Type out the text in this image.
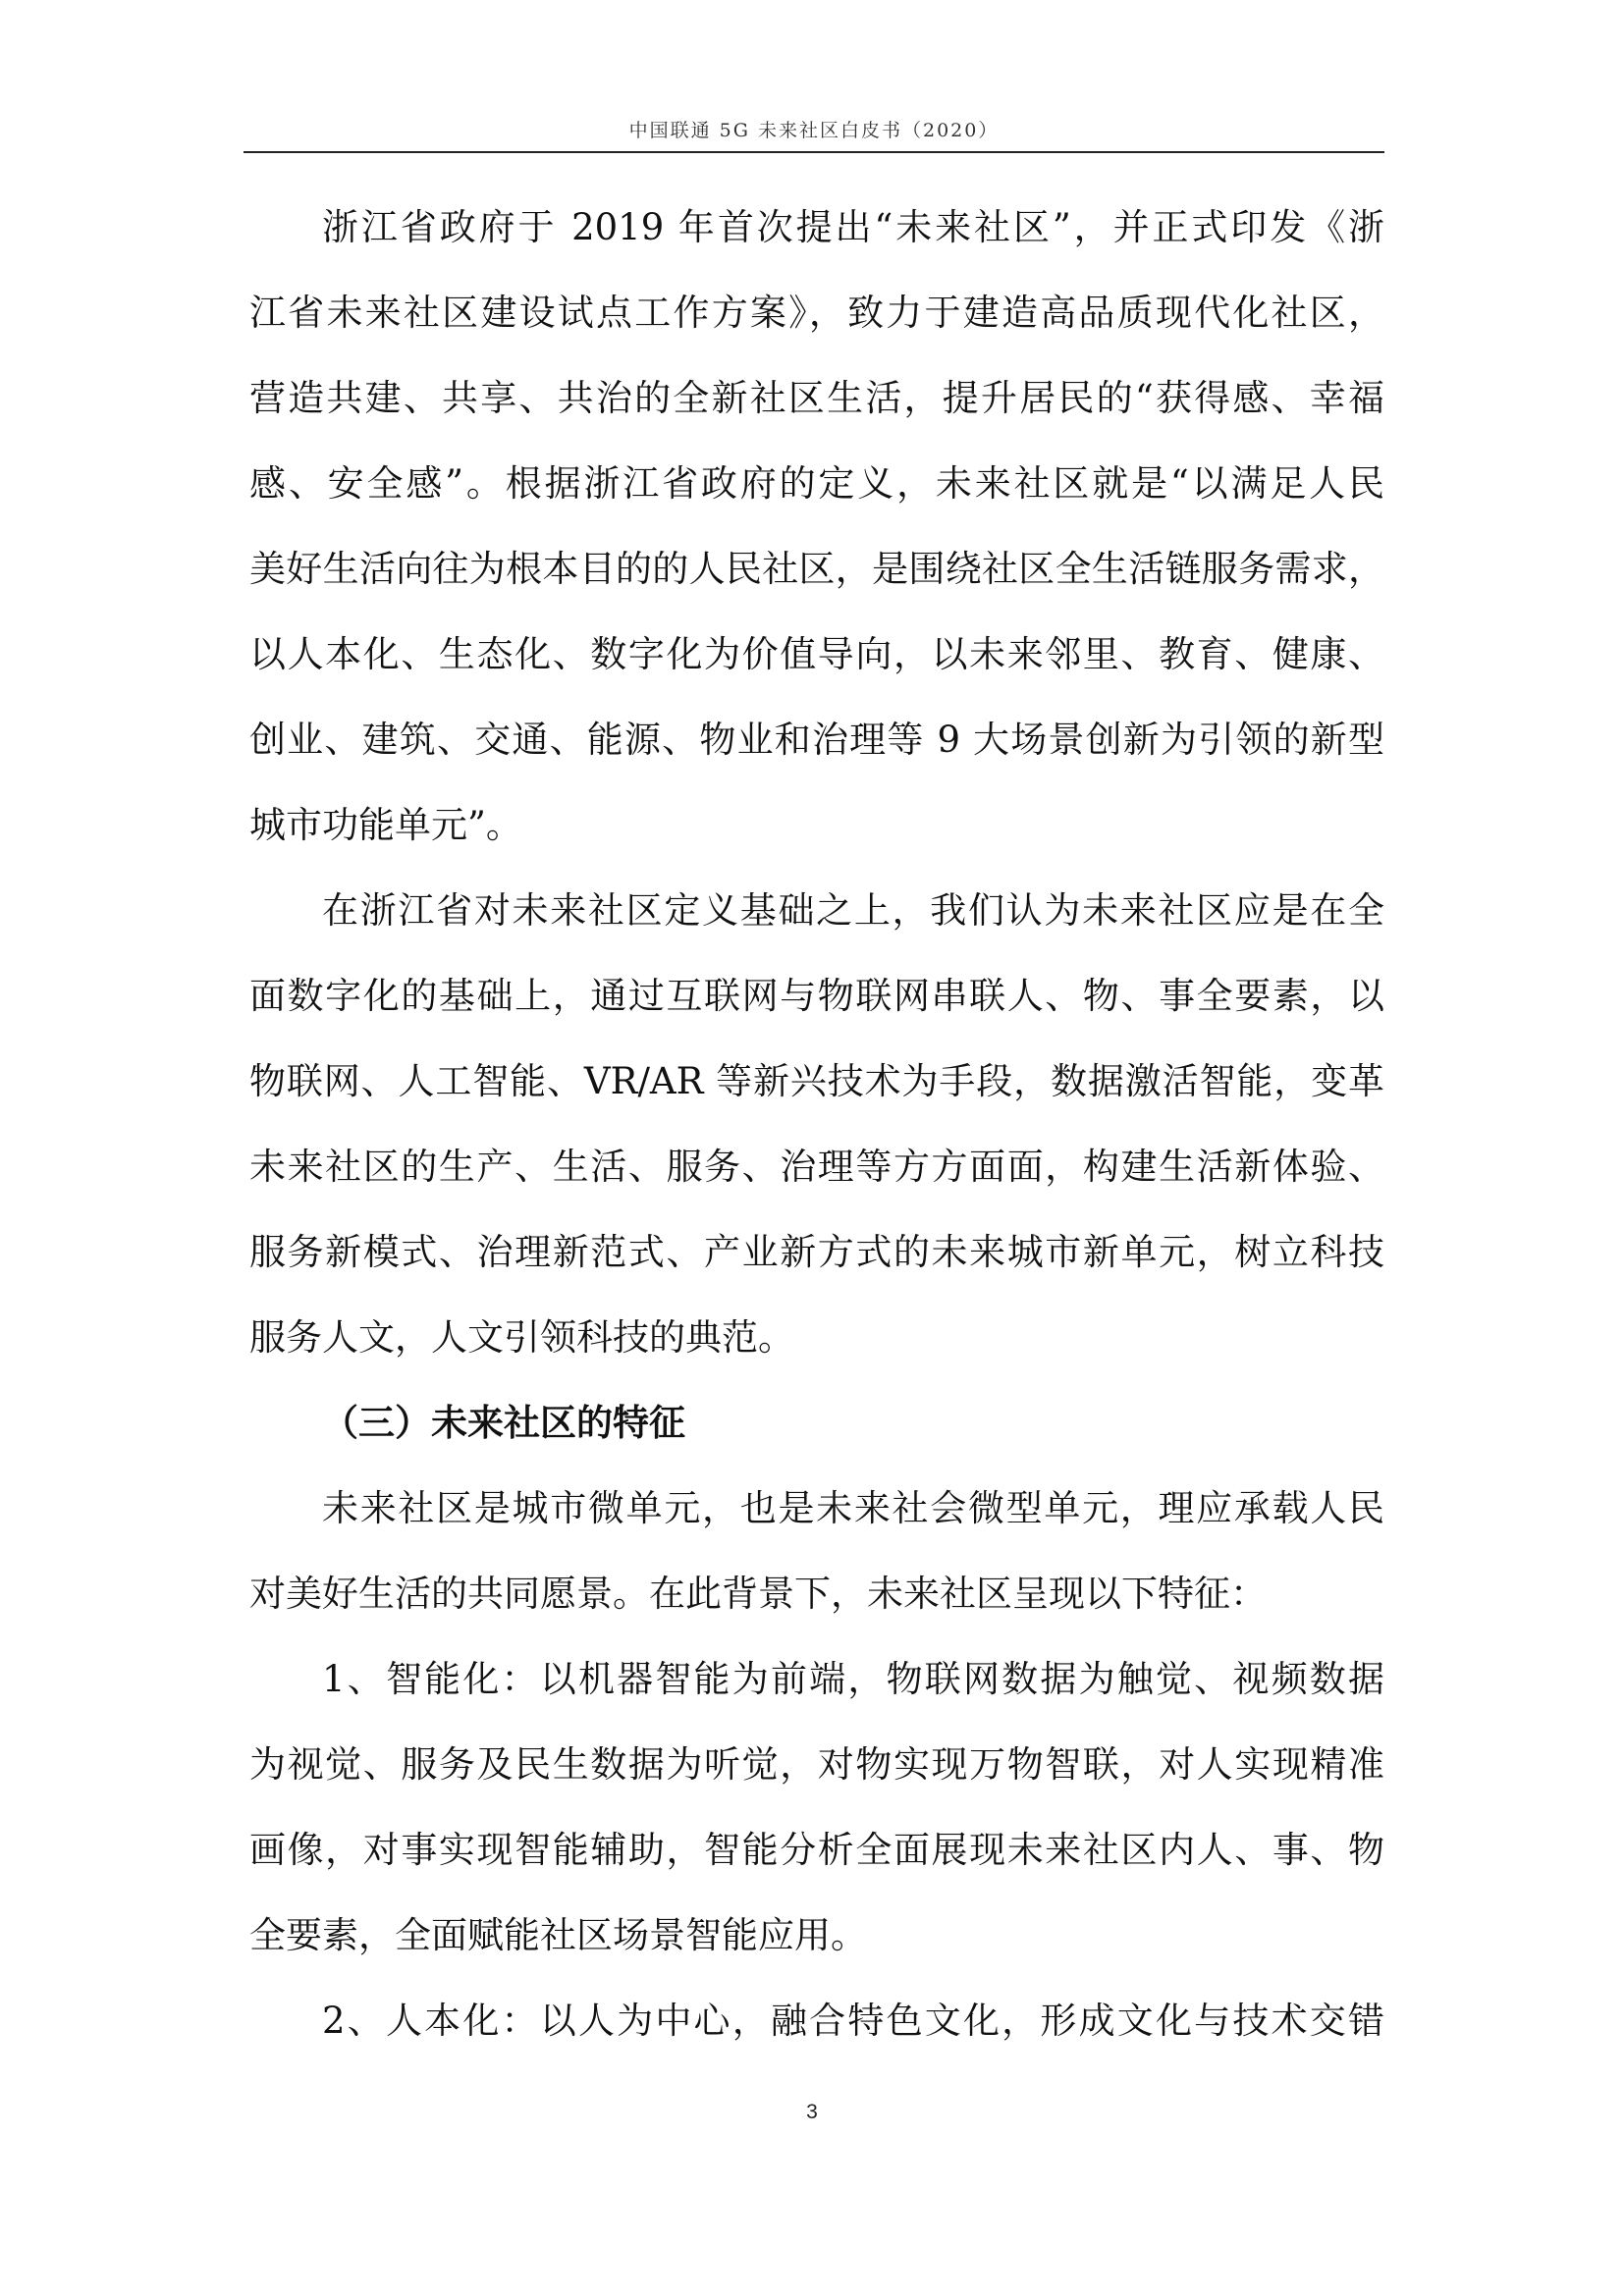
中国联通 5G 未来社区白皮书（2020）
浙江省政府于 2019 年首次提出“未来社区”，并正式印发《浙
江省未来社区建设试点工作方案》，致力于建造高品质现代化社区，
营造共建、共享、共治的全新社区生活，提升居民的“获得感、幸福
感、安全感”。根据浙江省政府的定义，未来社区就是“以满足人民
美好生活向往为根本目的的人民社区，是围绕社区全生活链服务需求，
以人本化、生态化、数字化为价值导向，以未来邻里、教育、健康、
创业、建筑、交通、能源、物业和治理等 9 大场景创新为引领的新型
城市功能单元”。
在浙江省对未来社区定义基础之上，我们认为未来社区应是在全
面数字化的基础上，通过互联网与物联网串联人、物、事全要素，以
物联网、人工智能、VR/AR 等新兴技术为手段，数据激活智能，变革
未来社区的生产、生活、服务、治理等方方面面，构建生活新体验、
服务新模式、治理新范式、产业新方式的未来城市新单元，树立科技
服务人文，人文引领科技的典范。
（三）未来社区的特征
未来社区是城市微单元，也是未来社会微型单元，理应承载人民
对美好生活的共同愿景。在此背景下，未来社区呈现以下特征：
1、智能化：以机器智能为前端，物联网数据为触觉、视频数据
为视觉、服务及民生数据为听觉，对物实现万物智联，对人实现精准
画像，对事实现智能辅助，智能分析全面展现未来社区内人、事、物
全要素，全面赋能社区场景智能应用。
2、人本化：以人为中心，融合特色文化，形成文化与技术交错
3
